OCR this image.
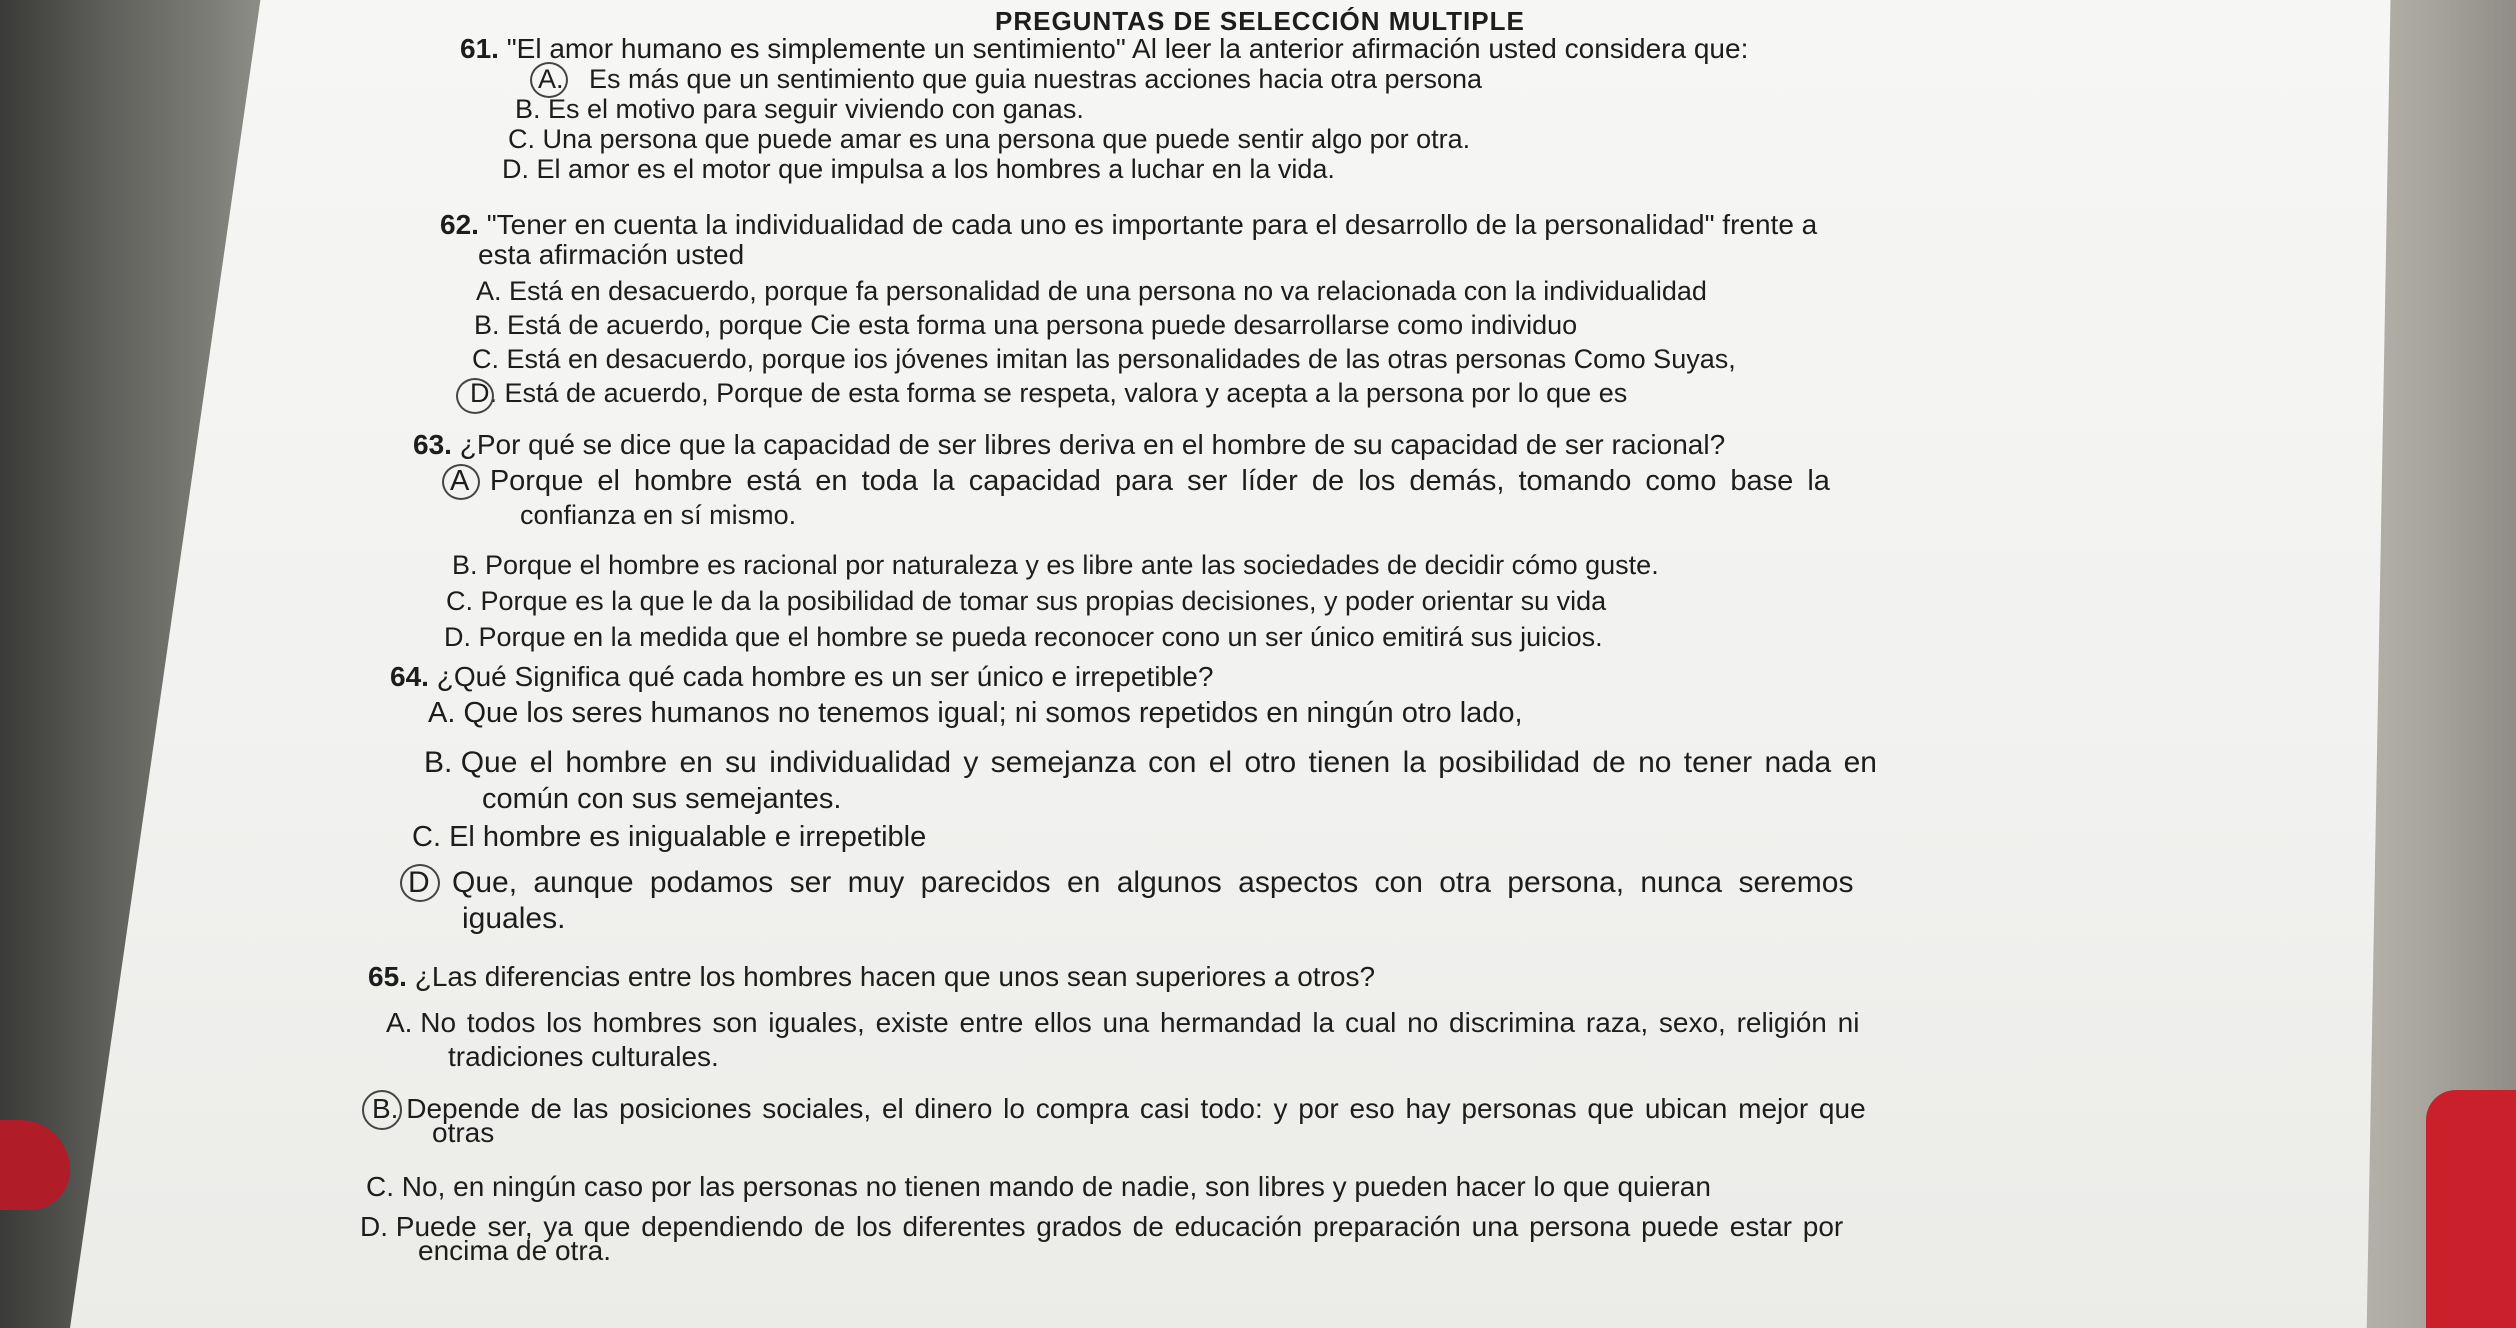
PREGUNTAS DE SELECCIÓN MULTIPLE
61. "El amor humano es simplemente un sentimiento" Al leer la anterior afirmación usted considera que:
A. Es más que un sentimiento que guia nuestras acciones hacia otra persona
B. Es el motivo para seguir viviendo con ganas.
C. Una persona que puede amar es una persona que puede sentir algo por otra.
D. El amor es el motor que impulsa a los hombres a luchar en la vida.
62. "Tener en cuenta la individualidad de cada uno es importante para el desarrollo de la personalidad" frente a
esta afirmación usted
A. Está en desacuerdo, porque fa personalidad de una persona no va relacionada con la individualidad
B. Está de acuerdo, porque Cie esta forma una persona puede desarrollarse como individuo
C. Está en desacuerdo, porque ios jóvenes imitan las personalidades de las otras personas Como Suyas,
D. Está de acuerdo, Porque de esta forma se respeta, valora y acepta a la persona por lo que es
63. ¿Por qué se dice que la capacidad de ser libres deriva en el hombre de su capacidad de ser racional?
A Porque el hombre está en toda la capacidad para ser líder de los demás, tomando como base la
confianza en sí mismo.
B. Porque el hombre es racional por naturaleza y es libre ante las sociedades de decidir cómo guste.
C. Porque es la que le da la posibilidad de tomar sus propias decisiones, y poder orientar su vida
D. Porque en la medida que el hombre se pueda reconocer cono un ser único emitirá sus juicios.
64. ¿Qué Significa qué cada hombre es un ser único e irrepetible?
A. Que los seres humanos no tenemos igual; ni somos repetidos en ningún otro lado,
B. Que el hombre en su individualidad y semejanza con el otro tienen la posibilidad de no tener nada en
común con sus semejantes.
C. El hombre es inigualable e irrepetible
D Que, aunque podamos ser muy parecidos en algunos aspectos con otra persona, nunca seremos
iguales.
65. ¿Las diferencias entre los hombres hacen que unos sean superiores a otros?
A. No todos los hombres son iguales, existe entre ellos una hermandad la cual no discrimina raza, sexo, religión ni
tradiciones culturales.
B. Depende de las posiciones sociales, el dinero lo compra casi todo: y por eso hay personas que ubican mejor que
otras
C. No, en ningún caso por las personas no tienen mando de nadie, son libres y pueden hacer lo que quieran
D. Puede ser, ya que dependiendo de los diferentes grados de educación preparación una persona puede estar por
encima de otra.
